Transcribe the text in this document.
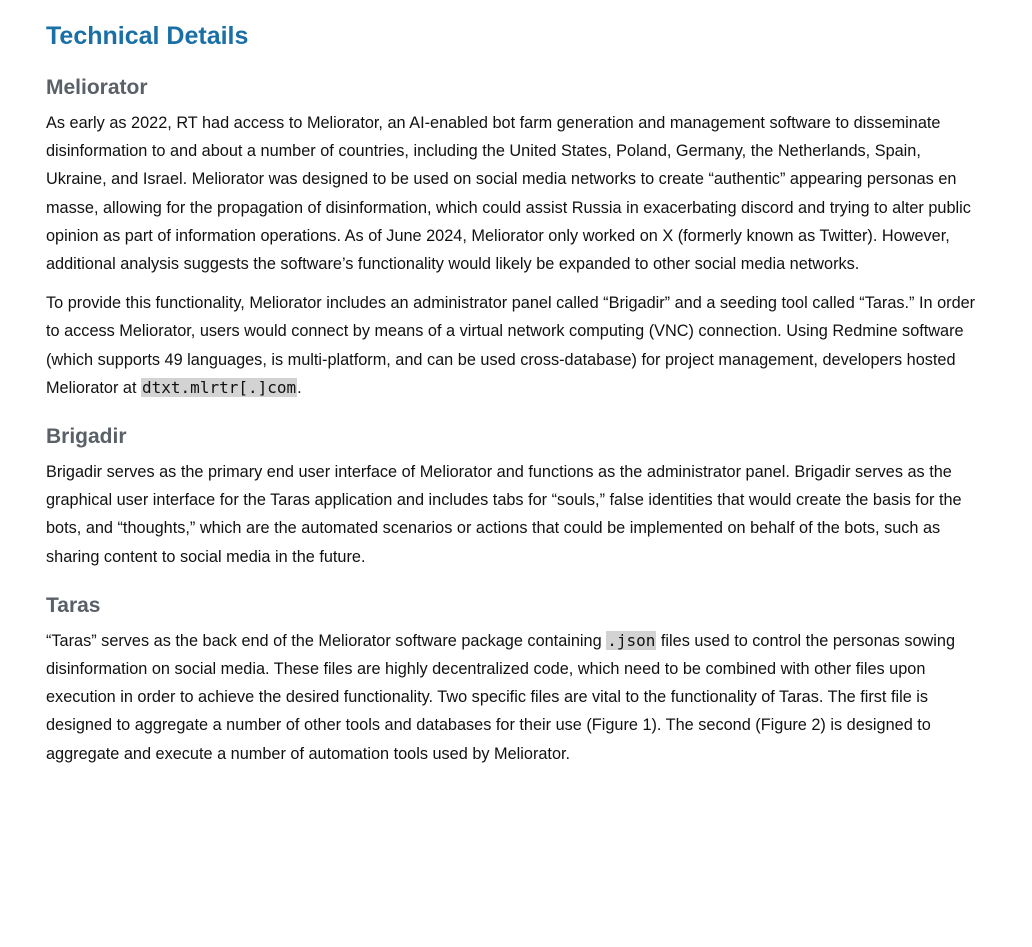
Technical Details
Meliorator

As early as 2022, RT had access to Meliorator, an AI-enabled bot farm generation and management software to disseminate disinformation to and about a number of countries, including the United States, Poland, Germany, the Netherlands, Spain, Ukraine, and Israel. Meliorator was designed to be used on social media networks to create “authentic” appearing personas en masse, allowing for the propagation of disinformation, which could assist Russia in exacerbating discord and trying to alter public opinion as part of information operations. As of June 2024, Meliorator only worked on X (formerly known as Twitter). However, additional analysis suggests the software’s functionality would likely be expanded to other social media networks.

To provide this functionality, Meliorator includes an administrator panel called “Brigadir” and a seeding tool called “Taras.” In order to access Meliorator, users would connect by means of a virtual network computing (VNC) connection. Using Redmine software (which supports 49 languages, is multi-platform, and can be used cross-database) for project management, developers hosted Meliorator at dtxt.mlrtr[.]com.

Brigadir

Brigadir serves as the primary end user interface of Meliorator and functions as the administrator panel. Brigadir serves as the graphical user interface for the Taras application and includes tabs for “souls,” false identities that would create the basis for the bots, and “thoughts,” which are the automated scenarios or actions that could be implemented on behalf of the bots, such as sharing content to social media in the future.

Taras

“Taras” serves as the back end of the Meliorator software package containing .json files used to control the personas sowing disinformation on social media. These files are highly decentralized code, which need to be combined with other files upon execution in order to achieve the desired functionality. Two specific files are vital to the functionality of Taras. The first file is designed to aggregate a number of other tools and databases for their use (Figure 1). The second (Figure 2) is designed to aggregate and execute a number of automation tools used by Meliorator.
